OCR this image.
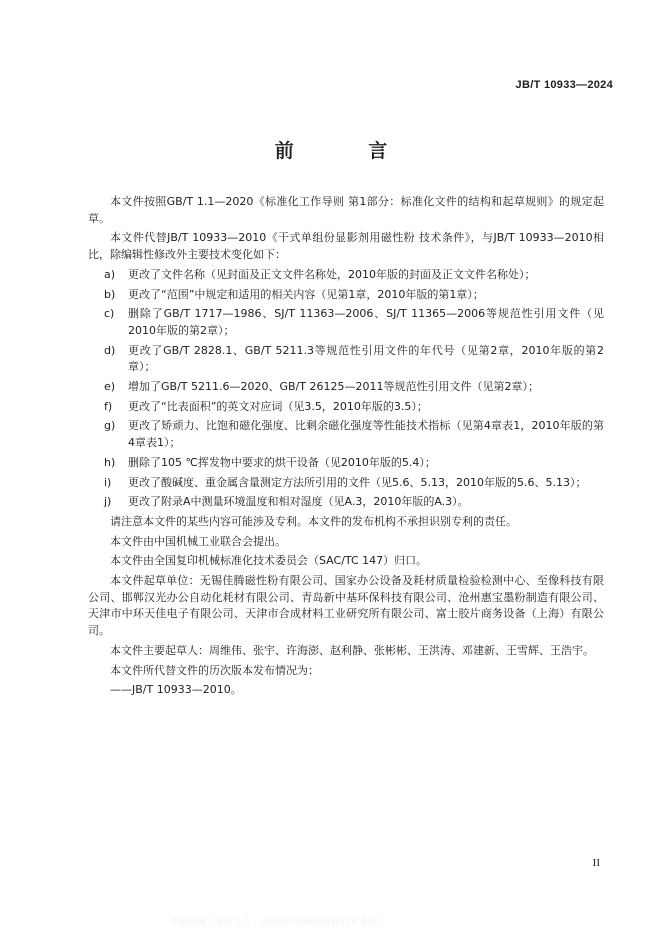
JB/T 10933—2024
前 言

本文件按照GB/T 1.1—2020《标准化工作导则 第1部分：标准化文件的结构和起草规则》的规定起草。

本文件代替JB/T 10933—2010《干式单组份显影剂用磁性粉 技术条件》，与JB/T 10933—2010相比，除编辑性修改外主要技术变化如下：

a) 更改了文件名称（见封面及正文文件名称处，2010年版的封面及正文文件名称处）；

b) 更改了“范围”中规定和适用的相关内容（见第1章，2010年版的第1章）；

c) 删除了GB/T 1717—1986、SJ/T 11363—2006、SJ/T 11365—2006等规范性引用文件（见2010年版的第2章）；

d) 更改了GB/T 2828.1、GB/T 5211.3等规范性引用文件的年代号（见第2章，2010年版的第2章）；

e) 增加了GB/T 5211.6—2020、GB/T 26125—2011等规范性引用文件（见第2章）；

f) 更改了“比表面积”的英文对应词（见3.5，2010年版的3.5）；

g) 更改了矫顽力、比饱和磁化强度、比剩余磁化强度等性能技术指标（见第4章表1，2010年版的第4章表1）；

h) 删除了105 ℃挥发物中要求的烘干设备（见2010年版的5.4）；

i) 更改了酸碱度、重金属含量测定方法所引用的文件（见5.6、5.13，2010年版的5.6、5.13）；

j) 更改了附录A中测量环境温度和相对湿度（见A.3，2010年版的A.3）。

请注意本文件的某些内容可能涉及专利。本文件的发布机构不承担识别专利的责任。

本文件由中国机械工业联合会提出。

本文件由全国复印机械标准化技术委员会（SAC/TC 147）归口。

本文件起草单位：无锡佳腾磁性粉有限公司、国家办公设备及耗材质量检验检测中心、至像科技有限公司、邯郸汉光办公自动化耗材有限公司、青岛新中基环保科技有限公司、沧州惠宝墨粉制造有限公司、天津市中环天佳电子有限公司、天津市合成材料工业研究所有限公司、富士胶片商务设备（上海）有限公司。

本文件主要起草人：周维伟、张宇、许海澎、赵利静、张彬彬、王洪涛、邓建新、王雪辉、王浩宇。

本文件所代替文件的历次版本发布情况为：

——JB/T 10933—2010。

II
中国机械工业联合会 · 全国复印机械标准化技术委员会
